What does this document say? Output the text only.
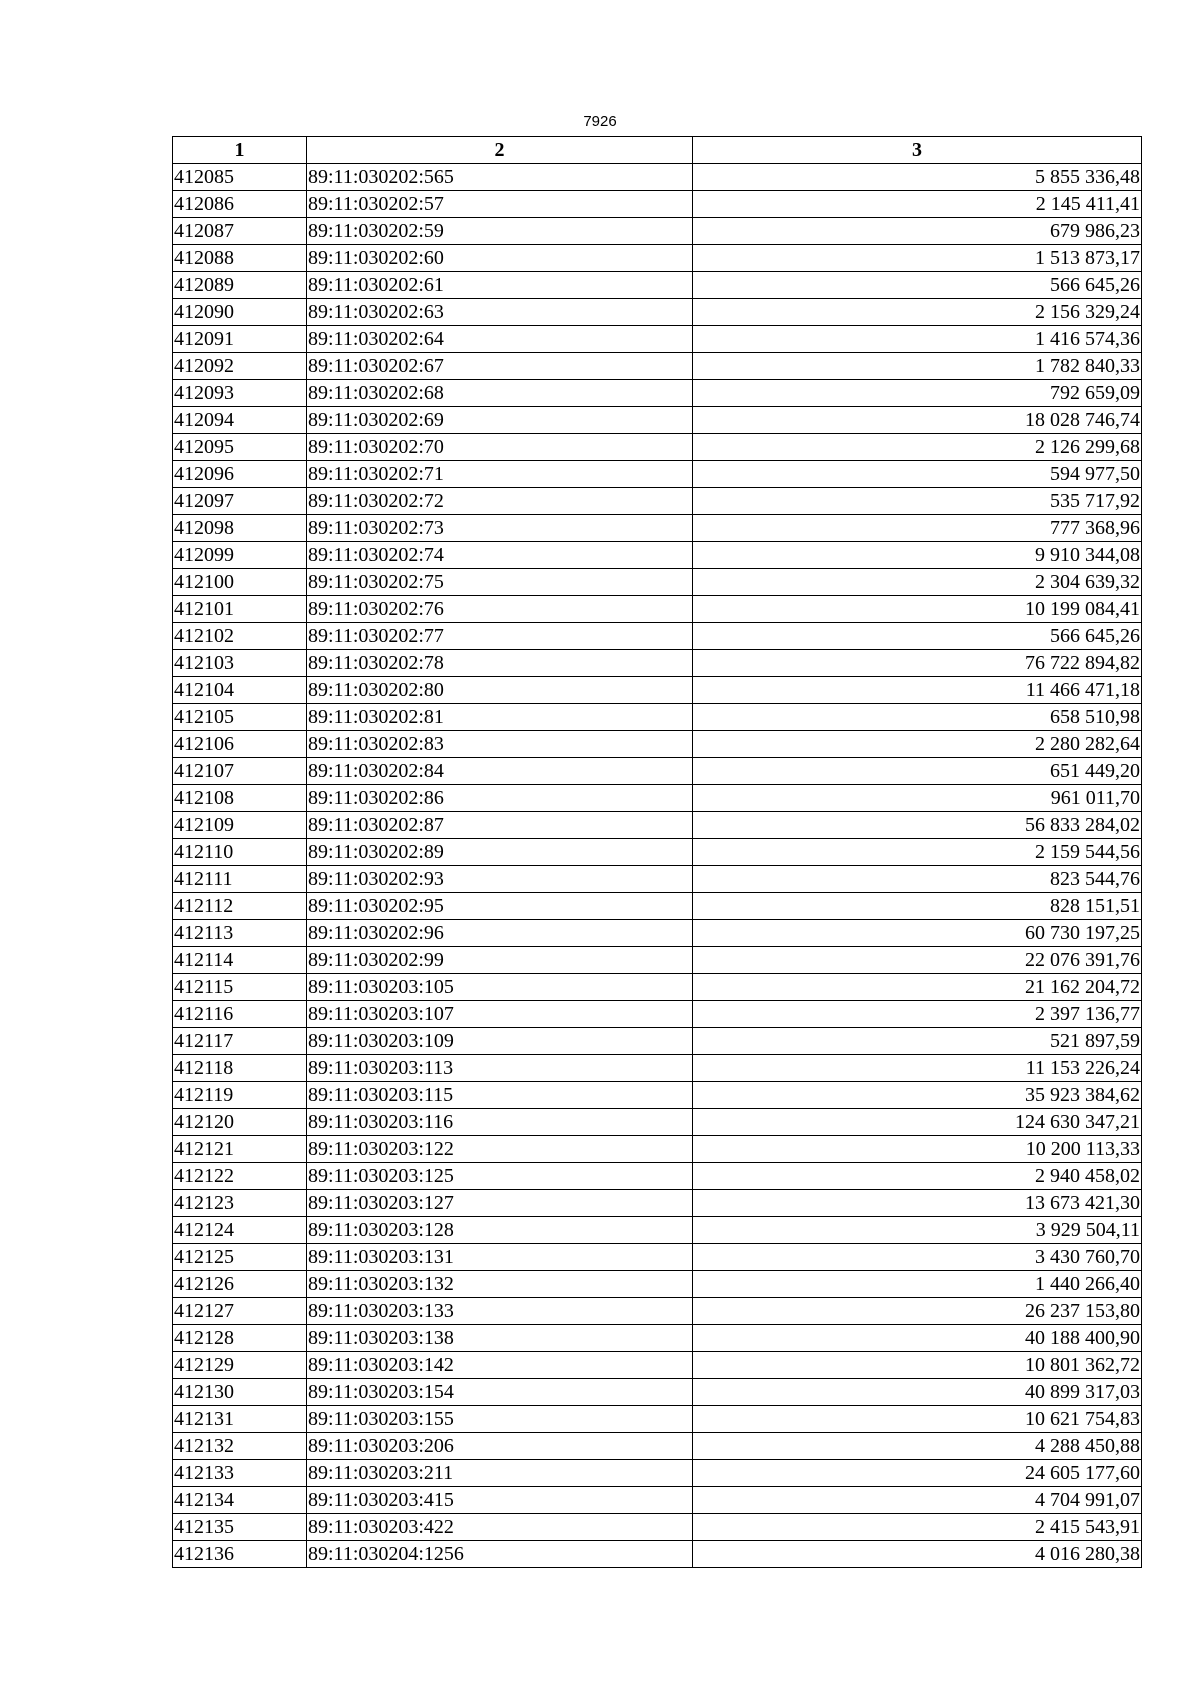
7926
1	2	3
412085	89:11:030202:565	5 855 336,48
412086	89:11:030202:57	2 145 411,41
412087	89:11:030202:59	679 986,23
412088	89:11:030202:60	1 513 873,17
412089	89:11:030202:61	566 645,26
412090	89:11:030202:63	2 156 329,24
412091	89:11:030202:64	1 416 574,36
412092	89:11:030202:67	1 782 840,33
412093	89:11:030202:68	792 659,09
412094	89:11:030202:69	18 028 746,74
412095	89:11:030202:70	2 126 299,68
412096	89:11:030202:71	594 977,50
412097	89:11:030202:72	535 717,92
412098	89:11:030202:73	777 368,96
412099	89:11:030202:74	9 910 344,08
412100	89:11:030202:75	2 304 639,32
412101	89:11:030202:76	10 199 084,41
412102	89:11:030202:77	566 645,26
412103	89:11:030202:78	76 722 894,82
412104	89:11:030202:80	11 466 471,18
412105	89:11:030202:81	658 510,98
412106	89:11:030202:83	2 280 282,64
412107	89:11:030202:84	651 449,20
412108	89:11:030202:86	961 011,70
412109	89:11:030202:87	56 833 284,02
412110	89:11:030202:89	2 159 544,56
412111	89:11:030202:93	823 544,76
412112	89:11:030202:95	828 151,51
412113	89:11:030202:96	60 730 197,25
412114	89:11:030202:99	22 076 391,76
412115	89:11:030203:105	21 162 204,72
412116	89:11:030203:107	2 397 136,77
412117	89:11:030203:109	521 897,59
412118	89:11:030203:113	11 153 226,24
412119	89:11:030203:115	35 923 384,62
412120	89:11:030203:116	124 630 347,21
412121	89:11:030203:122	10 200 113,33
412122	89:11:030203:125	2 940 458,02
412123	89:11:030203:127	13 673 421,30
412124	89:11:030203:128	3 929 504,11
412125	89:11:030203:131	3 430 760,70
412126	89:11:030203:132	1 440 266,40
412127	89:11:030203:133	26 237 153,80
412128	89:11:030203:138	40 188 400,90
412129	89:11:030203:142	10 801 362,72
412130	89:11:030203:154	40 899 317,03
412131	89:11:030203:155	10 621 754,83
412132	89:11:030203:206	4 288 450,88
412133	89:11:030203:211	24 605 177,60
412134	89:11:030203:415	4 704 991,07
412135	89:11:030203:422	2 415 543,91
412136	89:11:030204:1256	4 016 280,38
